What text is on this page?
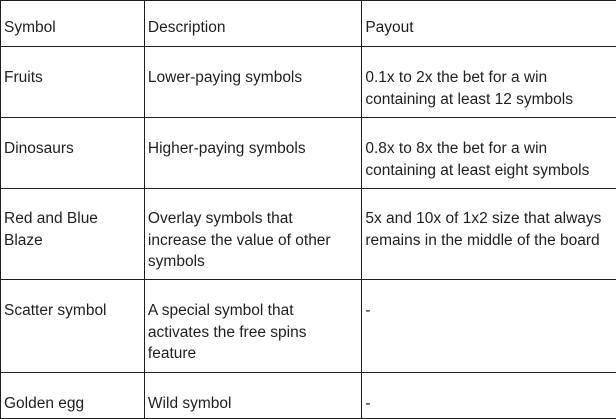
Symbol	Description	Payout

Fruits	Lower-paying symbols	0.1x to 2x the bet for a win containing at least 12 symbols

Dinosaurs	Higher-paying symbols	0.8x to 8x the bet for a win containing at least eight symbols

Red and Blue Blaze	Overlay symbols that increase the value of other symbols	5x and 10x of 1x2 size that always remains in the middle of the board

Scatter symbol	A special symbol that activates the free spins feature	-

Golden egg	Wild symbol	-
